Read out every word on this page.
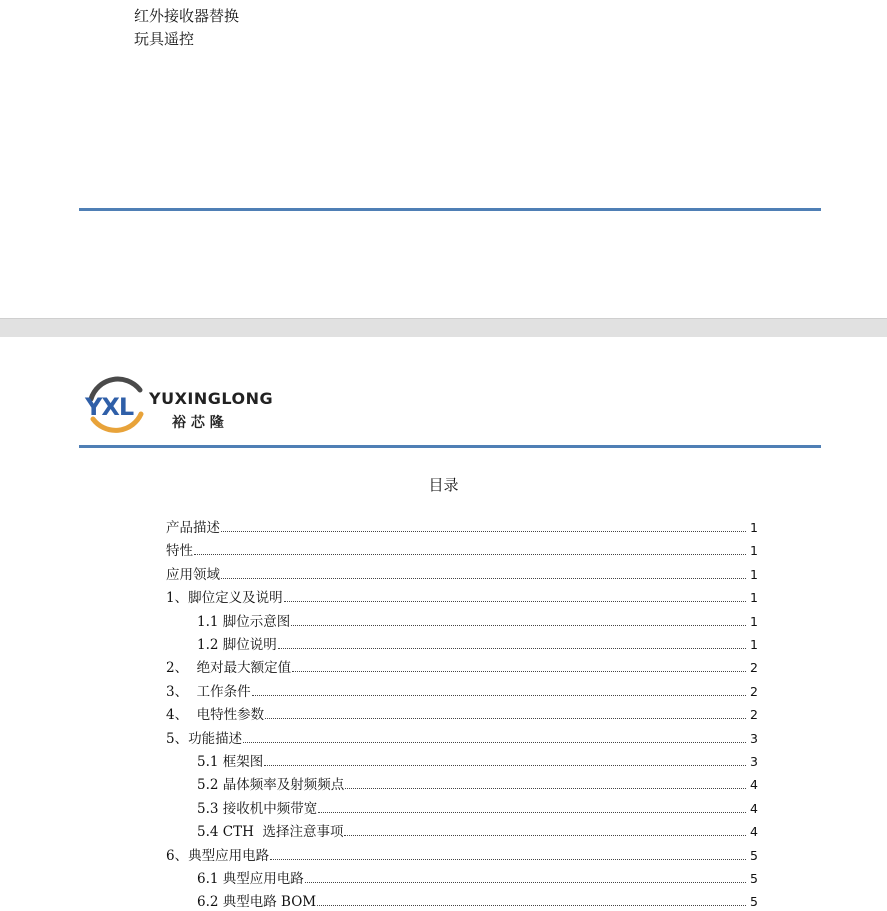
红外接收器替换
玩具遥控
YXL YUXINGLONG
裕 芯 隆
目录
产品描述	1
特性	1
应用领域	1
1、脚位定义及说明	1
1.1 脚位示意图	1
1.2 脚位说明	1
2、  绝对最大额定值	2
3、  工作条件	2
4、  电特性参数	2
5、功能描述	3
5.1 框架图	3
5.2 晶体频率及射频频点	4
5.3 接收机中频带宽	4
5.4 CTH  选择注意事项	4
6、典型应用电路	5
6.1 典型应用电路	5
6.2 典型电路 BOM	5
